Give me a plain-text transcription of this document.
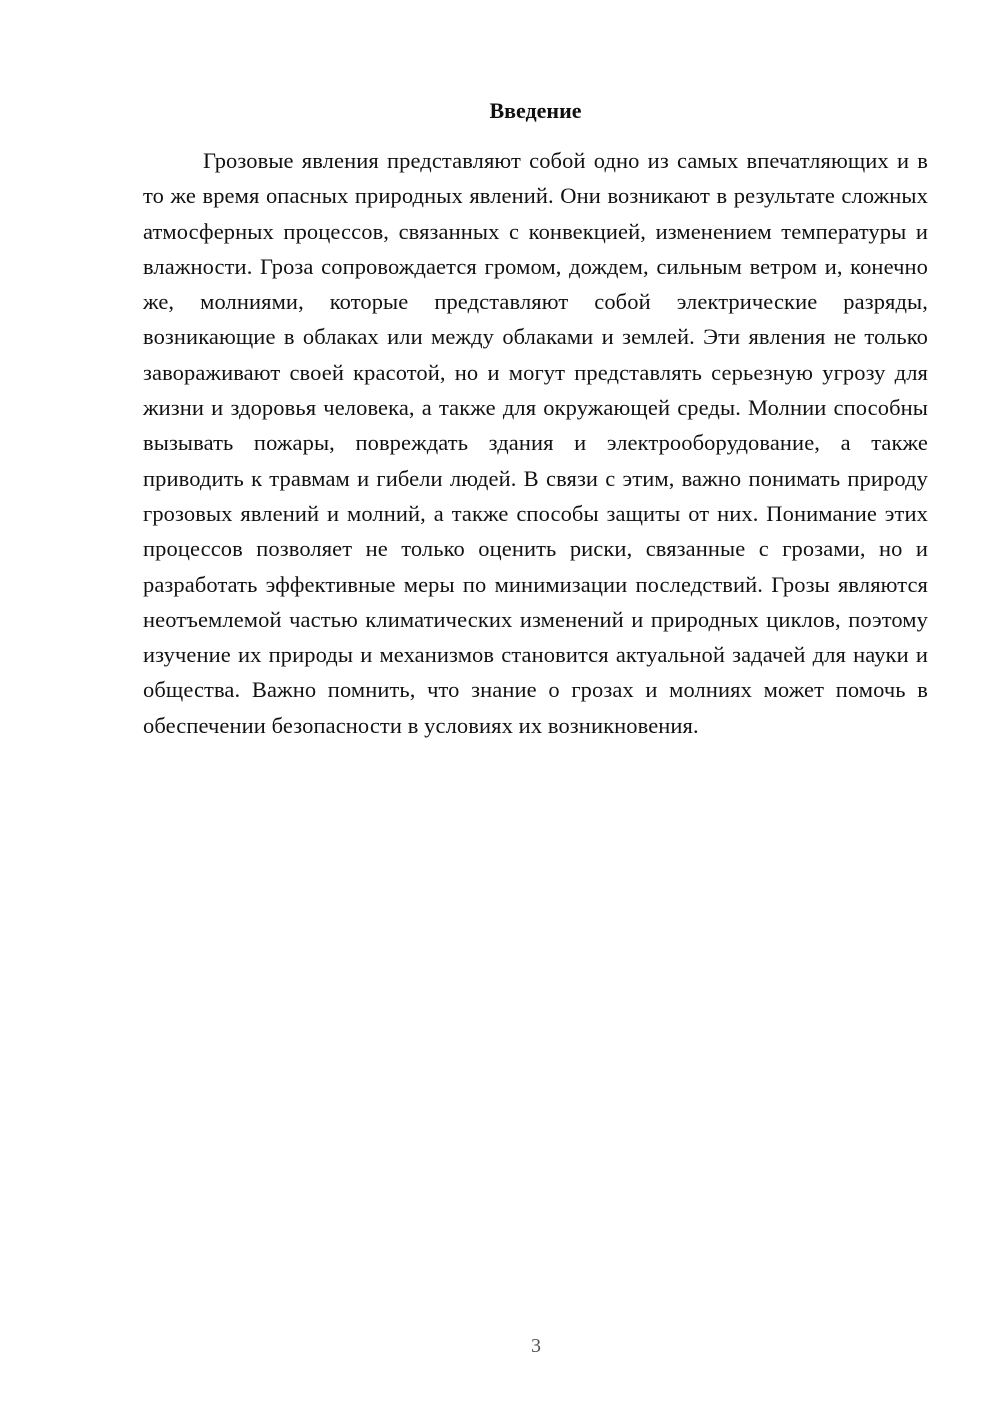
Введение

Грозовые явления представляют собой одно из самых впечатляющих и в то же время опасных природных явлений. Они возникают в результате сложных атмосферных процессов, связанных с конвекцией, изменением температуры и влажности. Гроза сопровождается громом, дождем, сильным ветром и, конечно же, молниями, которые представляют собой электрические разряды, возникающие в облаках или между облаками и землей. Эти явления не только завораживают своей красотой, но и могут представлять серьезную угрозу для жизни и здоровья человека, а также для окружающей среды. Молнии способны вызывать пожары, повреждать здания и электрооборудование, а также приводить к травмам и гибели людей. В связи с этим, важно понимать природу грозовых явлений и молний, а также способы защиты от них. Понимание этих процессов позволяет не только оценить риски, связанные с грозами, но и разработать эффективные меры по минимизации последствий. Грозы являются неотъемлемой частью климатических изменений и природных циклов, поэтому изучение их природы и механизмов становится актуальной задачей для науки и общества. Важно помнить, что знание о грозах и молниях может помочь в обеспечении безопасности в условиях их возникновения.

3
